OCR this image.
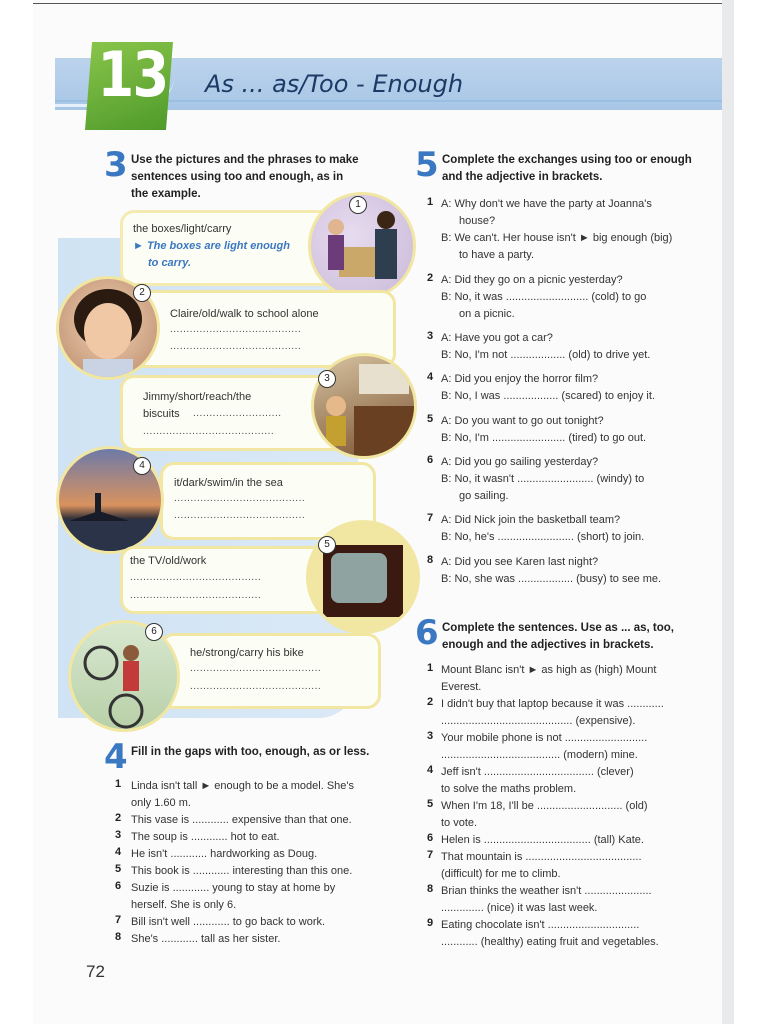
13 As ... as/Too - Enough
3 Use the pictures and the phrases to make
sentences using too and enough, as in
the example.
the boxes/light/carry
► The boxes are light enough
to carry.
1
2
Claire/old/walk to school alone
........................................
........................................
Jimmy/short/reach/the
biscuits ...........................
........................................
3
4
it/dark/swim/in the sea
........................................
........................................
the TV/old/work
........................................
........................................
5
6
he/strong/carry his bike
........................................
........................................
4 Fill in the gaps with too, enough, as or less.
1 Linda isn't tall ► enough to be a model. She's
only 1.60 m.
2 This vase is ............ expensive than that one.
3 The soup is ............ hot to eat.
4 He isn't ............ hardworking as Doug.
5 This book is ............ interesting than this one.
6 Suzie is ............ young to stay at home by
herself. She is only 6.
7 Bill isn't well ............ to go back to work.
8 She's ............ tall as her sister.
5 Complete the exchanges using too or enough
and the adjective in brackets.
1 A: Why don't we have the party at Joanna's
house?
B: We can't. Her house isn't ► big enough (big)
to have a party.
2 A: Did they go on a picnic yesterday?
B: No, it was ........................... (cold) to go
on a picnic.
3 A: Have you got a car?
B: No, I'm not .................. (old) to drive yet.
4 A: Did you enjoy the horror film?
B: No, I was .................. (scared) to enjoy it.
5 A: Do you want to go out tonight?
B: No, I'm ........................ (tired) to go out.
6 A: Did you go sailing yesterday?
B: No, it wasn't ......................... (windy) to
go sailing.
7 A: Did Nick join the basketball team?
B: No, he's ......................... (short) to join.
8 A: Did you see Karen last night?
B: No, she was .................. (busy) to see me.
6 Complete the sentences. Use as ... as, too,
enough and the adjectives in brackets.
1 Mount Blanc isn't ► as high as (high) Mount
Everest.
2 I didn't buy that laptop because it was ............
........................................... (expensive).
3 Your mobile phone is not ...........................
....................................... (modern) mine.
4 Jeff isn't .................................... (clever)
to solve the maths problem.
5 When I'm 18, I'll be ............................ (old)
to vote.
6 Helen is ................................... (tall) Kate.
7 That mountain is ......................................
(difficult) for me to climb.
8 Brian thinks the weather isn't ......................
.............. (nice) it was last week.
9 Eating chocolate isn't ..............................
............ (healthy) eating fruit and vegetables.
72
